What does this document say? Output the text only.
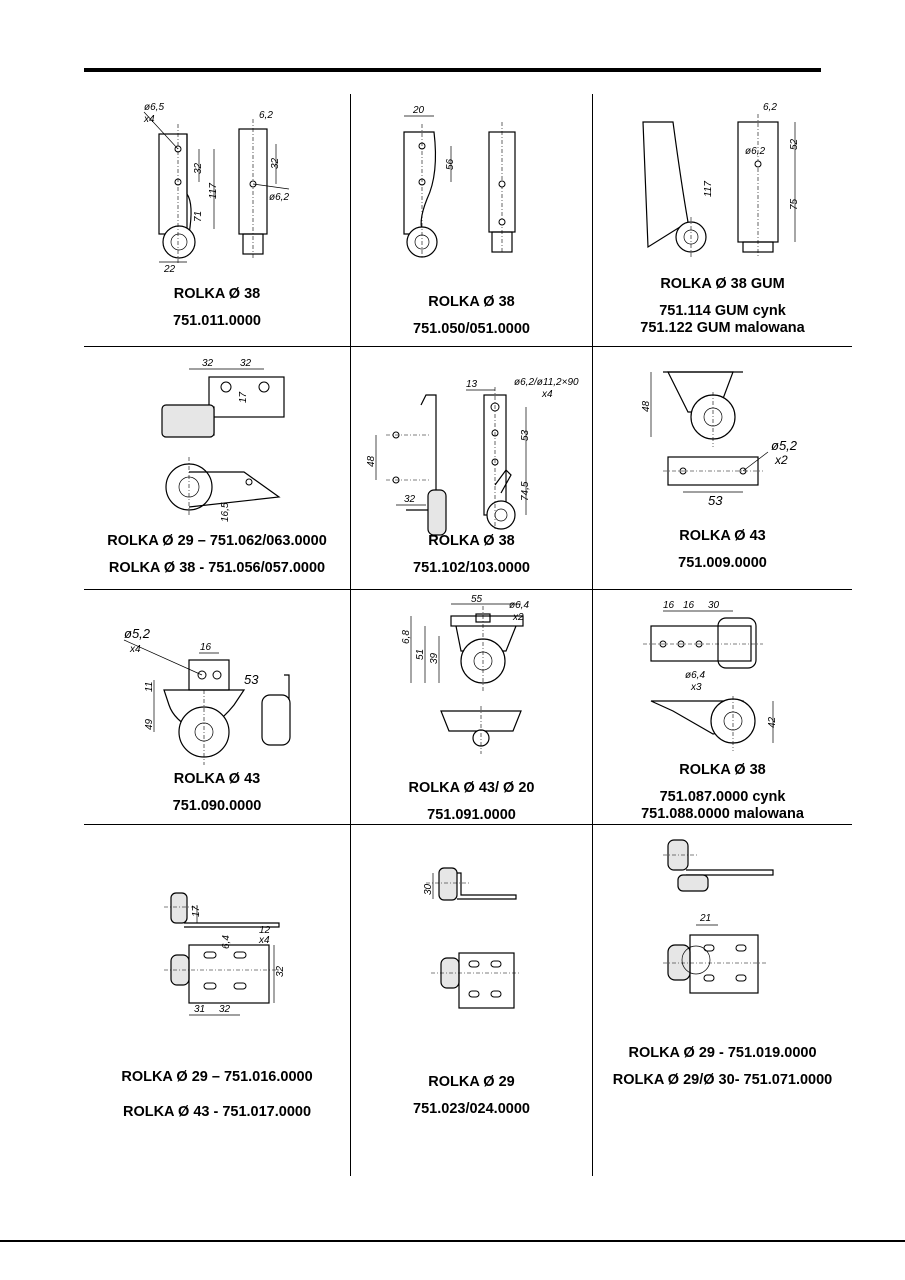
ø6,5
x4	6,2
32	32
117
71
ø6,2
22
ROLKA Ø 38
751.011.0000
20
56
ROLKA Ø 38
751.050/051.0000
6,2
52
ø6,2
117
75
ROLKA Ø 38 GUM
751.114 GUM cynk
751.122 GUM malowana
32	32
17
16,5
ROLKA Ø 29 – 751.062/063.0000
ROLKA Ø 38 - 751.056/057.0000
13	ø6,2/ø11,2×90
x4
48
53
74,5
32
ROLKA Ø 38
751.102/103.0000
48
ø5,2
x2
53
ROLKA Ø 43
751.009.0000
ø5,2
x4	16
11	53
49
ROLKA Ø 43
751.090.0000
55
ø6,4
x2
6,8
51 39
ROLKA Ø 43/ Ø 20
751.091.0000
16 16 30
ø6,4
x3
42
ROLKA Ø 38
751.087.0000 cynk
751.088.0000 malowana
17
12
x4
6,4
32
31 32
ROLKA Ø 29 – 751.016.0000
ROLKA Ø 43 - 751.017.0000
30
ROLKA Ø 29
751.023/024.0000
21
ROLKA Ø 29 - 751.019.0000
ROLKA Ø 29/Ø 30- 751.071.0000
